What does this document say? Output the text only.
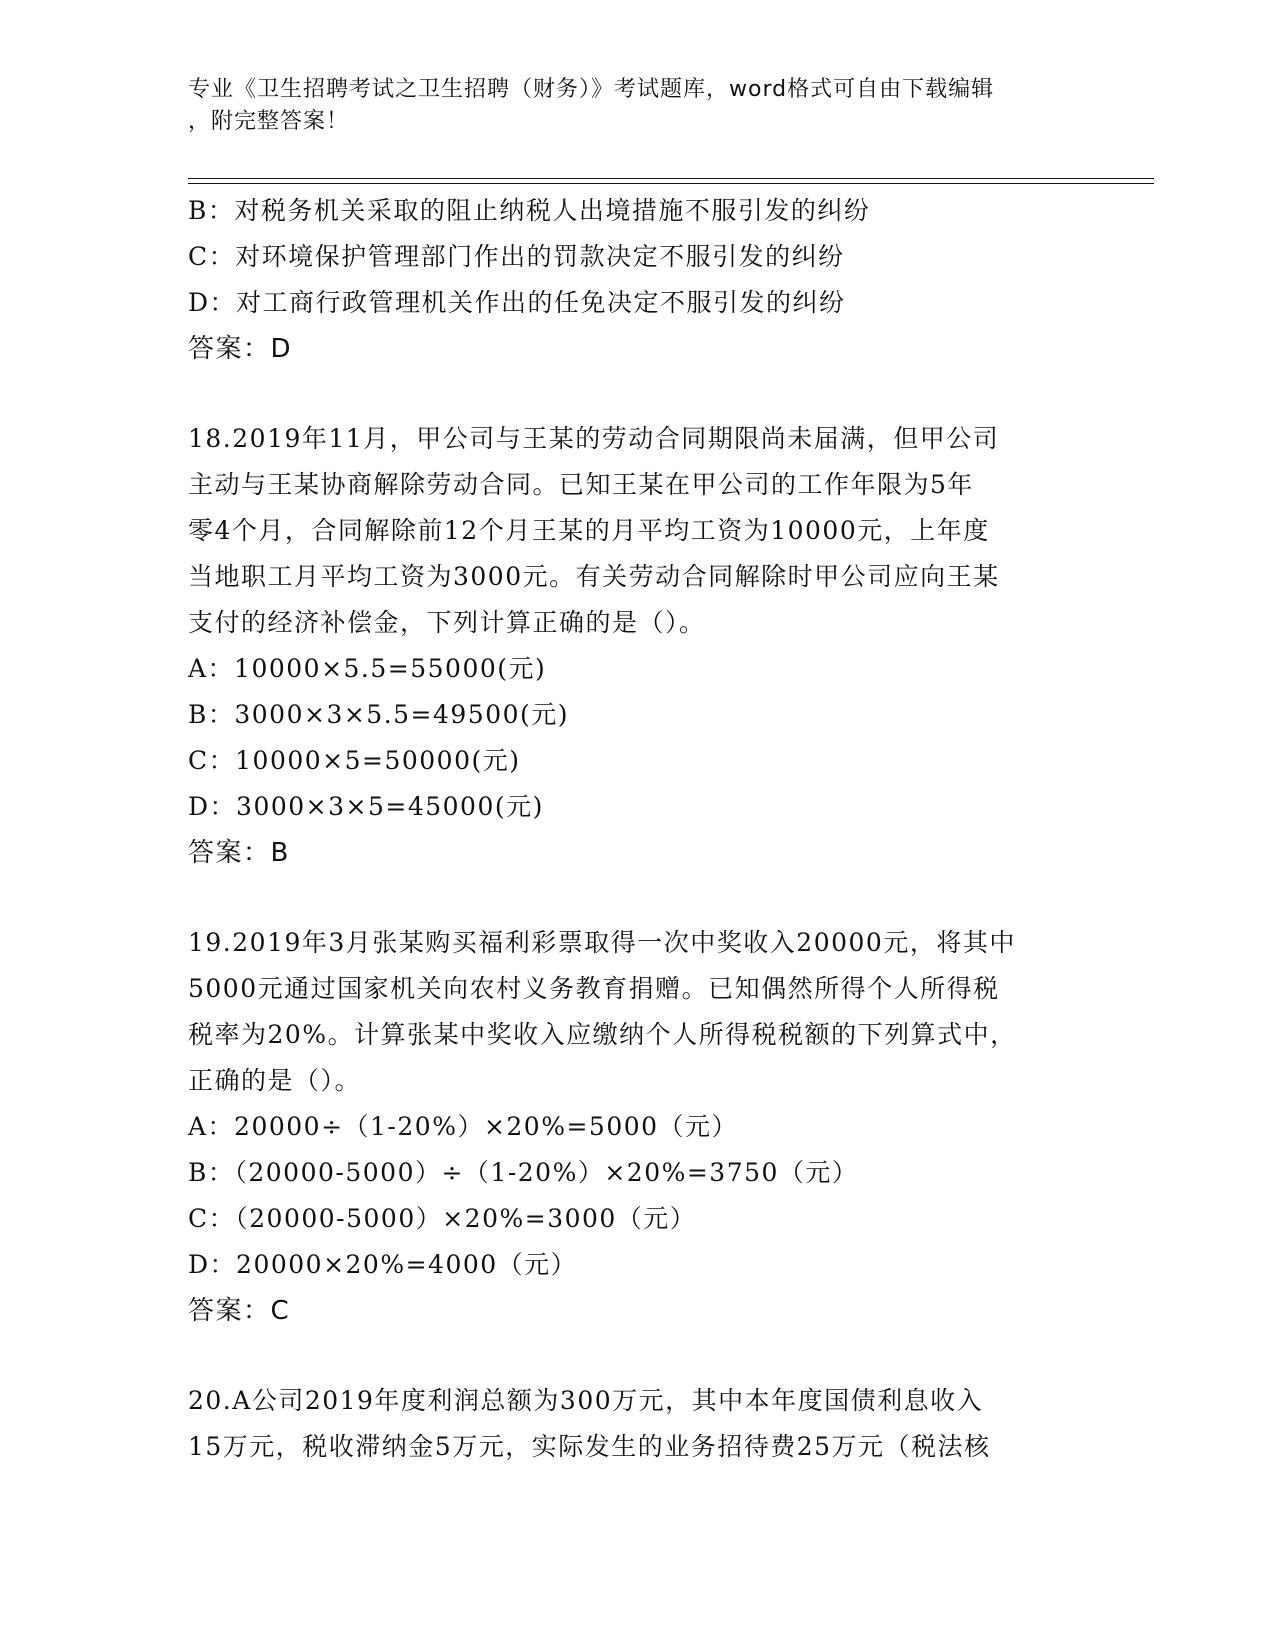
专业《卫生招聘考试之卫生招聘（财务）》考试题库，word格式可自由下载编辑
，附完整答案！
B：对税务机关采取的阻止纳税人出境措施不服引发的纠纷
C：对环境保护管理部门作出的罚款决定不服引发的纠纷
D：对工商行政管理机关作出的任免决定不服引发的纠纷
答案：D
18.2019年11月，甲公司与王某的劳动合同期限尚未届满，但甲公司
主动与王某协商解除劳动合同。已知王某在甲公司的工作年限为5年
零4个月，合同解除前12个月王某的月平均工资为10000元，上年度
当地职工月平均工资为3000元。有关劳动合同解除时甲公司应向王某
支付的经济补偿金，下列计算正确的是（）。
A：10000×5.5=55000(元)
B：3000×3×5.5=49500(元)
C：10000×5=50000(元)
D：3000×3×5=45000(元)
答案：B
19.2019年3月张某购买福利彩票取得一次中奖收入20000元，将其中
5000元通过国家机关向农村义务教育捐赠。已知偶然所得个人所得税
税率为20%。计算张某中奖收入应缴纳个人所得税税额的下列算式中，
正确的是（）。
A：20000÷（1-20%）×20%=5000（元）
B：（20000-5000）÷（1-20%）×20%=3750（元）
C：（20000-5000）×20%=3000（元）
D：20000×20%=4000（元）
答案：C
20.A公司2019年度利润总额为300万元，其中本年度国债利息收入
15万元，税收滞纳金5万元，实际发生的业务招待费25万元（税法核
